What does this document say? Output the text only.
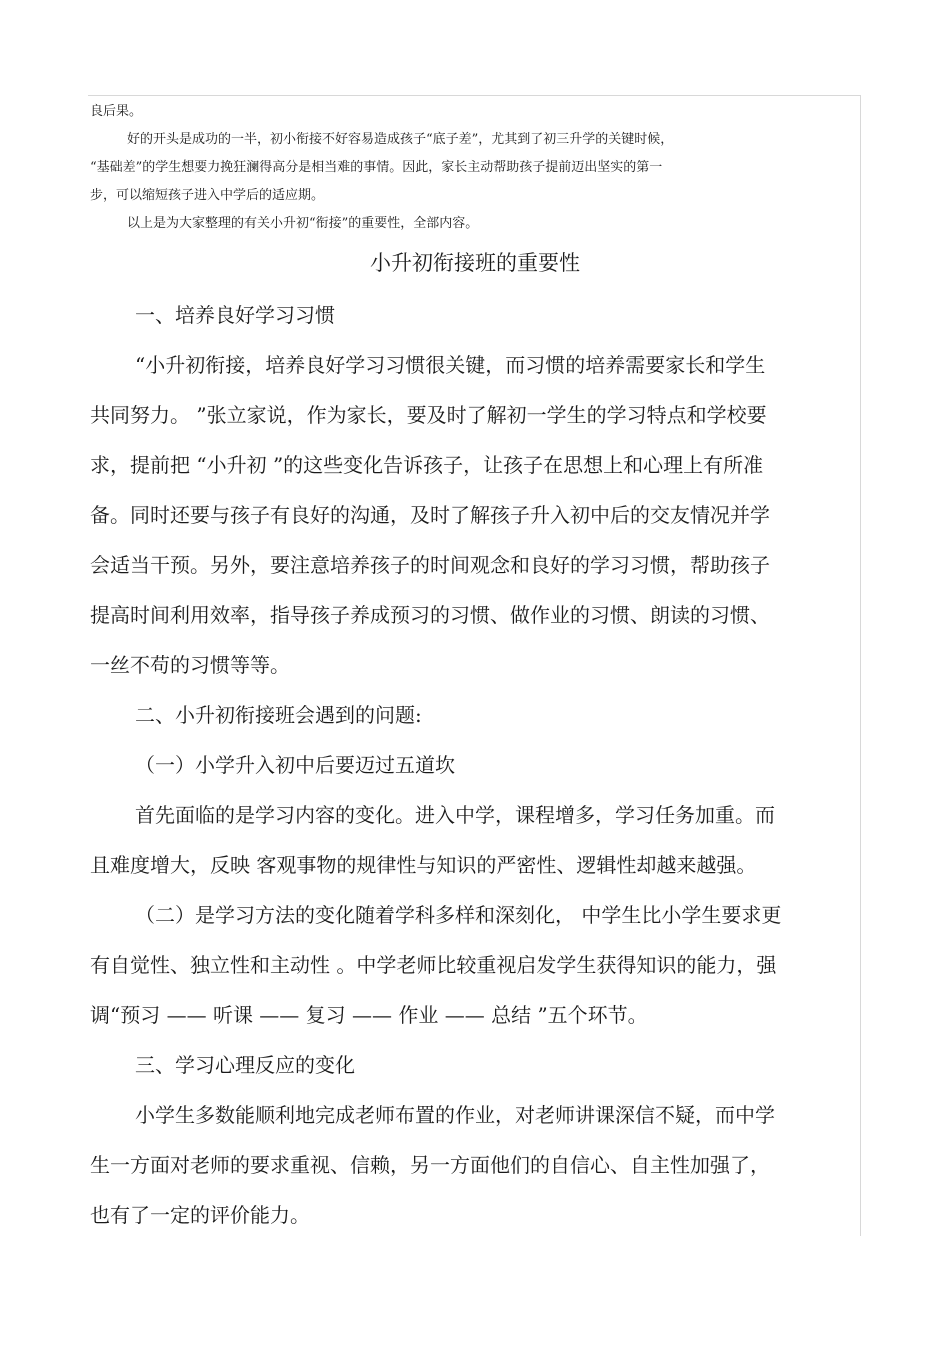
良后果。
好的开头是成功的一半，初小衔接不好容易造成孩子“底子差”，尤其到了初三升学的关键时候，
“基础差”的学生想要力挽狂澜得高分是相当难的事情。因此，家长主动帮助孩子提前迈出坚实的第一
步，可以缩短孩子进入中学后的适应期。
以上是为大家整理的有关小升初“衔接”的重要性，全部内容。
小升初衔接班的重要性
一、培养良好学习习惯
“小升初衔接，培养良好学习习惯很关键，而习惯的培养需要家长和学生
共同努力。 ”张立家说，作为家长，要及时了解初一学生的学习特点和学校要
求，提前把 “小升初 ”的这些变化告诉孩子，让孩子在思想上和心理上有所准
备。同时还要与孩子有良好的沟通，及时了解孩子升入初中后的交友情况并学
会适当干预。另外，要注意培养孩子的时间观念和良好的学习习惯，帮助孩子
提高时间利用效率，指导孩子养成预习的习惯、做作业的习惯、朗读的习惯、
一丝不苟的习惯等等。
二、小升初衔接班会遇到的问题:
（一）小学升入初中后要迈过五道坎
首先面临的是学习内容的变化。进入中学，课程增多，学习任务加重。而
且难度增大，反映 客观事物的规律性与知识的严密性、逻辑性却越来越强。
（二）是学习方法的变化随着学科多样和深刻化， 中学生比小学生要求更
有自觉性、独立性和主动性 。中学老师比较重视启发学生获得知识的能力，强
调“预习 —— 听课 —— 复习 —— 作业 —— 总结 ”五个环节。
三、学习心理反应的变化
小学生多数能顺利地完成老师布置的作业，对老师讲课深信不疑，而中学
生一方面对老师的要求重视、信赖，另一方面他们的自信心、自主性加强了，
也有了一定的评价能力。
